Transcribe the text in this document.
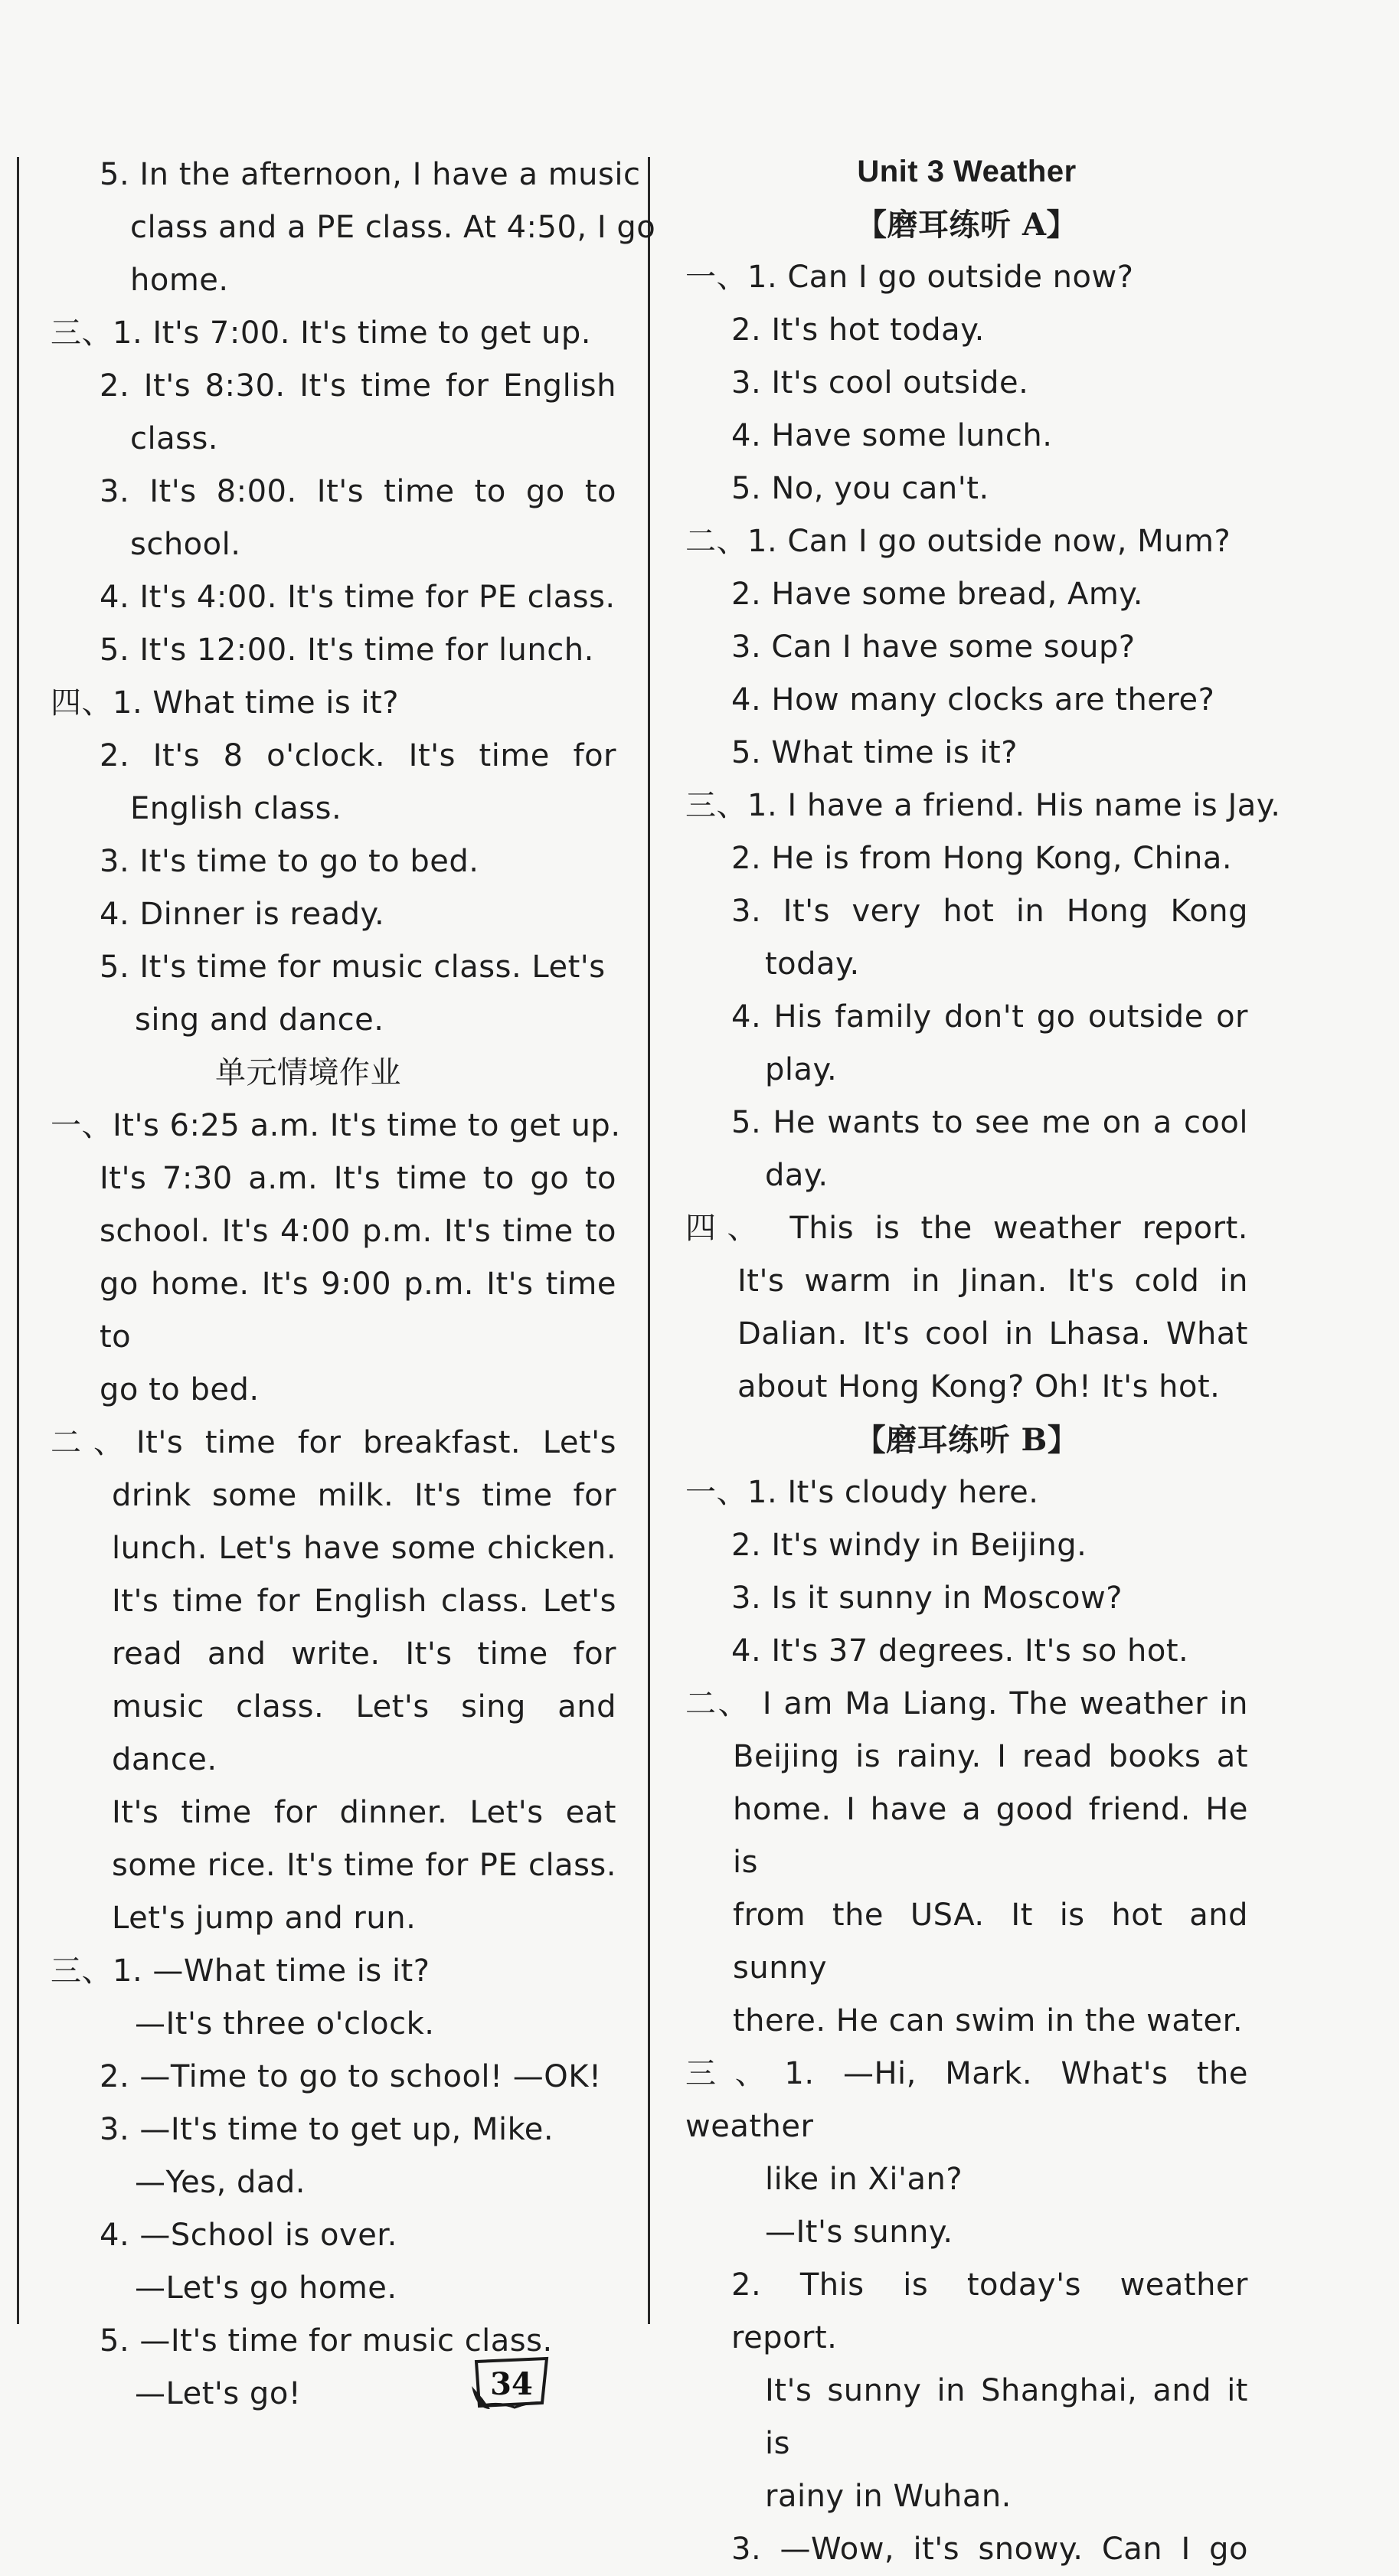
5. In the afternoon, I have a music

class and a PE class. At 4:50, I go

home.

三、1. It's 7:00. It's time to get up.

2. It's 8:30. It's time for English

class.

3. It's 8:00. It's time to go to

school.

4. It's 4:00. It's time for PE class.

5. It's 12:00. It's time for lunch.

四、1. What time is it?

2. It's 8 o'clock. It's time for

English class.

3. It's time to go to bed.

4. Dinner is ready.

5. It's time for music class. Let's

sing and dance.

单元情境作业

一、It's 6:25 a.m. It's time to get up.

It's 7:30 a.m. It's time to go to

school. It's 4:00 p.m. It's time to

go home. It's 9:00 p.m. It's time to

go to bed.

二、It's time for breakfast. Let's

drink some milk. It's time for

lunch. Let's have some chicken.

It's time for English class. Let's

read and write. It's time for

music class. Let's sing and dance.

It's time for dinner. Let's eat

some rice. It's time for PE class.

Let's jump and run.

三、1. —What time is it?

—It's three o'clock.

2. —Time to go to school! —OK!

3. —It's time to get up, Mike.

—Yes, dad.

4. —School is over.

—Let's go home.

5. —It's time for music class.

—Let's go!

Unit 3 Weather

【磨耳练听 A】

一、1. Can I go outside now?

2. It's hot today.

3. It's cool outside.

4. Have some lunch.

5. No, you can't.

二、1. Can I go outside now, Mum?

2. Have some bread, Amy.

3. Can I have some soup?

4. How many clocks are there?

5. What time is it?

三、1. I have a friend. His name is Jay.

2. He is from Hong Kong, China.

3. It's very hot in Hong Kong

today.

4. His family don't go outside or

play.

5. He wants to see me on a cool

day.

四、 This is the weather report.

It's warm in Jinan. It's cold in

Dalian. It's cool in Lhasa. What

about Hong Kong? Oh! It's hot.

【磨耳练听 B】

一、1. It's cloudy here.

2. It's windy in Beijing.

3. Is it sunny in Moscow?

4. It's 37 degrees. It's so hot.

二、 I am Ma Liang. The weather in

Beijing is rainy. I read books at

home. I have a good friend. He is

from the USA. It is hot and sunny

there. He can swim in the water.

三、1. —Hi, Mark. What's the weather

like in Xi'an?

—It's sunny.

2. This is today's weather report.

It's sunny in Shanghai, and it is

rainy in Wuhan.

3. —Wow, it's snowy. Can I go

34
